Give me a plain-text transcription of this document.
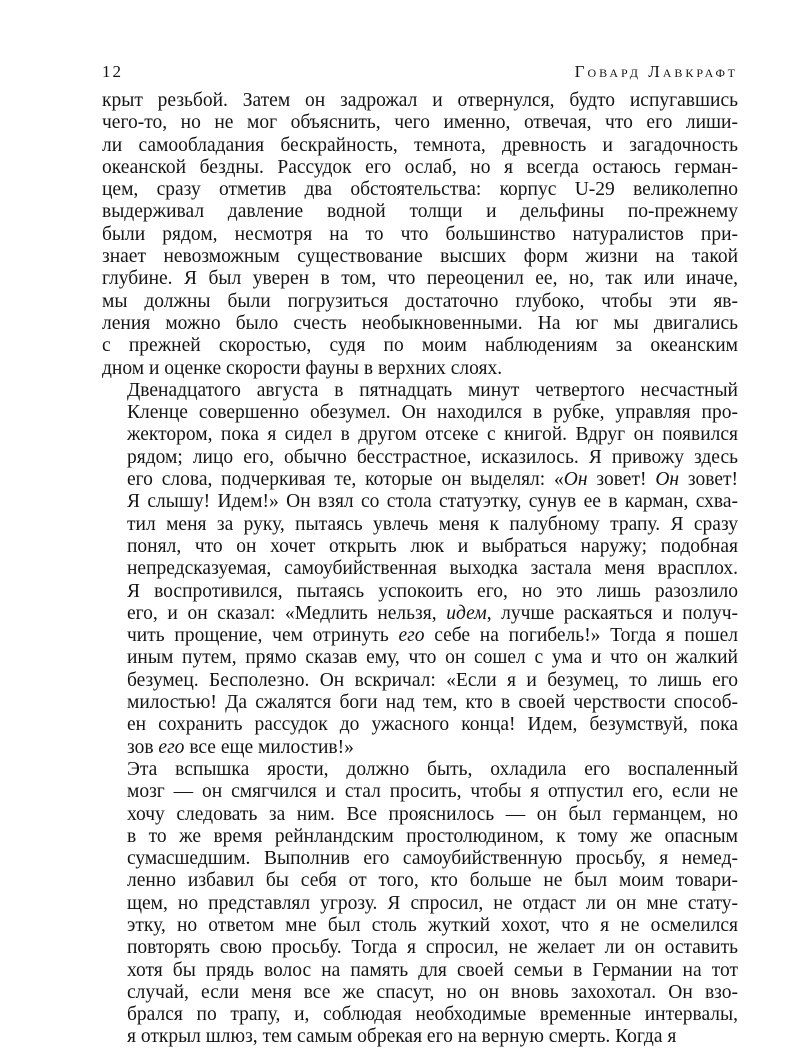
12	Говард Лавкрафт

крыт резьбой. Затем он задрожал и отвернулся, будто испугавшись
чего-то, но не мог объяснить, чего именно, отвечая, что его лиши-
ли самообладания бескрайность, темнота, древность и загадочность
океанской бездны. Рассудок его ослаб, но я всегда остаюсь герман-
цем, сразу отметив два обстоятельства: корпус U-29 великолепно
выдерживал давление водной толщи и дельфины по-прежнему
были рядом, несмотря на то что большинство натуралистов при-
знает невозможным существование высших форм жизни на такой
глубине. Я был уверен в том, что переоценил ее, но, так или иначе,
мы должны были погрузиться достаточно глубоко, чтобы эти яв-
ления можно было счесть необыкновенными. На юг мы двигались
с прежней скоростью, судя по моим наблюдениям за океанским
дном и оценке скорости фауны в верхних слоях.

Двенадцатого августа в пятнадцать минут четвертого несчастный
Кленце совершенно обезумел. Он находился в рубке, управляя про-
жектором, пока я сидел в другом отсеке с книгой. Вдруг он появился
рядом; лицо его, обычно бесстрастное, исказилось. Я привожу здесь
его слова, подчеркивая те, которые он выделял: «Он зовет! Он зовет!
Я слышу! Идем!» Он взял со стола статуэтку, сунув ее в карман, схва-
тил меня за руку, пытаясь увлечь меня к палубному трапу. Я сразу
понял, что он хочет открыть люк и выбраться наружу; подобная
непредсказуемая, самоубийственная выходка застала меня врасплох.
Я воспротивился, пытаясь успокоить его, но это лишь разозлило
его, и он сказал: «Медлить нельзя, идем, лучше раскаяться и получ-
чить прощение, чем отринуть его себе на погибель!» Тогда я пошел
иным путем, прямо сказав ему, что он сошел с ума и что он жалкий
безумец. Бесполезно. Он вскричал: «Если я и безумец, то лишь его
милостью! Да сжалятся боги над тем, кто в своей черствости способ-
ен сохранить рассудок до ужасного конца! Идем, безумствуй, пока
зов его все еще милостив!»

Эта вспышка ярости, должно быть, охладила его воспаленный
мозг — он смягчился и стал просить, чтобы я отпустил его, если не
хочу следовать за ним. Все прояснилось — он был германцем, но
в то же время рейнландским простолюдином, к тому же опасным
сумасшедшим. Выполнив его самоубийственную просьбу, я немед-
ленно избавил бы себя от того, кто больше не был моим товари-
щем, но представлял угрозу. Я спросил, не отдаст ли он мне стату-
этку, но ответом мне был столь жуткий хохот, что я не осмелился
повторять свою просьбу. Тогда я спросил, не желает ли он оставить
хотя бы прядь волос на память для своей семьи в Германии на тот
случай, если меня все же спасут, но он вновь захохотал. Он взо-
брался по трапу, и, соблюдая необходимые временные интервалы,
я открыл шлюз, тем самым обрекая его на верную смерть. Когда я
